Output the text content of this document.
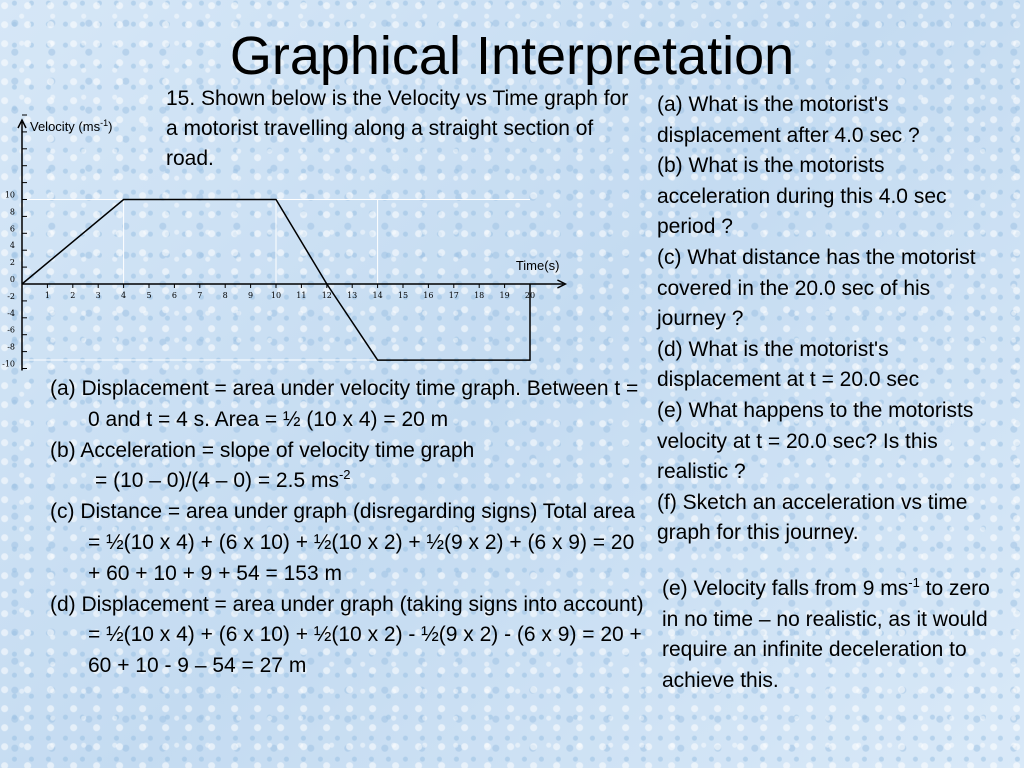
Graphical Interpretation
15. Shown below is the Velocity vs Time graph for a motorist travelling along a straight section of road.

(a) What is the motorist's displacement after 4.0 sec ?

(b) What is the motorists acceleration during this 4.0 sec period ?

(c) What distance has the motorist covered in the 20.0 sec of his journey ?

(d) What is the motorist's displacement at t = 20.0 sec

(e) What happens to the motorists velocity at t = 20.0 sec? Is this realistic ?

(f) Sketch an acceleration vs time graph for this journey.

(a) Displacement = area under velocity time graph. Between t = 0 and t = 4 s. Area = ½ (10 x 4) = 20 m
(b) Acceleration = slope of velocity time graph
= (10 – 0)/(4 – 0) = 2.5 $ms^{-2}$
(c) Distance = area under graph (disregarding signs) Total area = ½(10 x 4) + (6 x 10) + ½(10 x 2) + ½(9 x 2) + (6 x 9) = 20 + 60 + 10 + 9 + 54 = 153 m
(d) Displacement = area under graph (taking signs into account) = ½(10 x 4) + (6 x 10) + ½(10 x 2) - ½(9 x 2) - (6 x 9) = 20 + 60 + 10 - 9 – 54 = 27 m
(e) Velocity falls from 9 $ms^{-1}$ to zero in no time – no realistic, as it would require an infinite deceleration to achieve this.
10
8
6
4
2
0
-2
-4
-6
-8
-10
1	2	3	4	5	6	7	8	9 10 11 12 13 14 15 16 17 18 19 20
Velocity $(ms^{-1})$
Time(s)
